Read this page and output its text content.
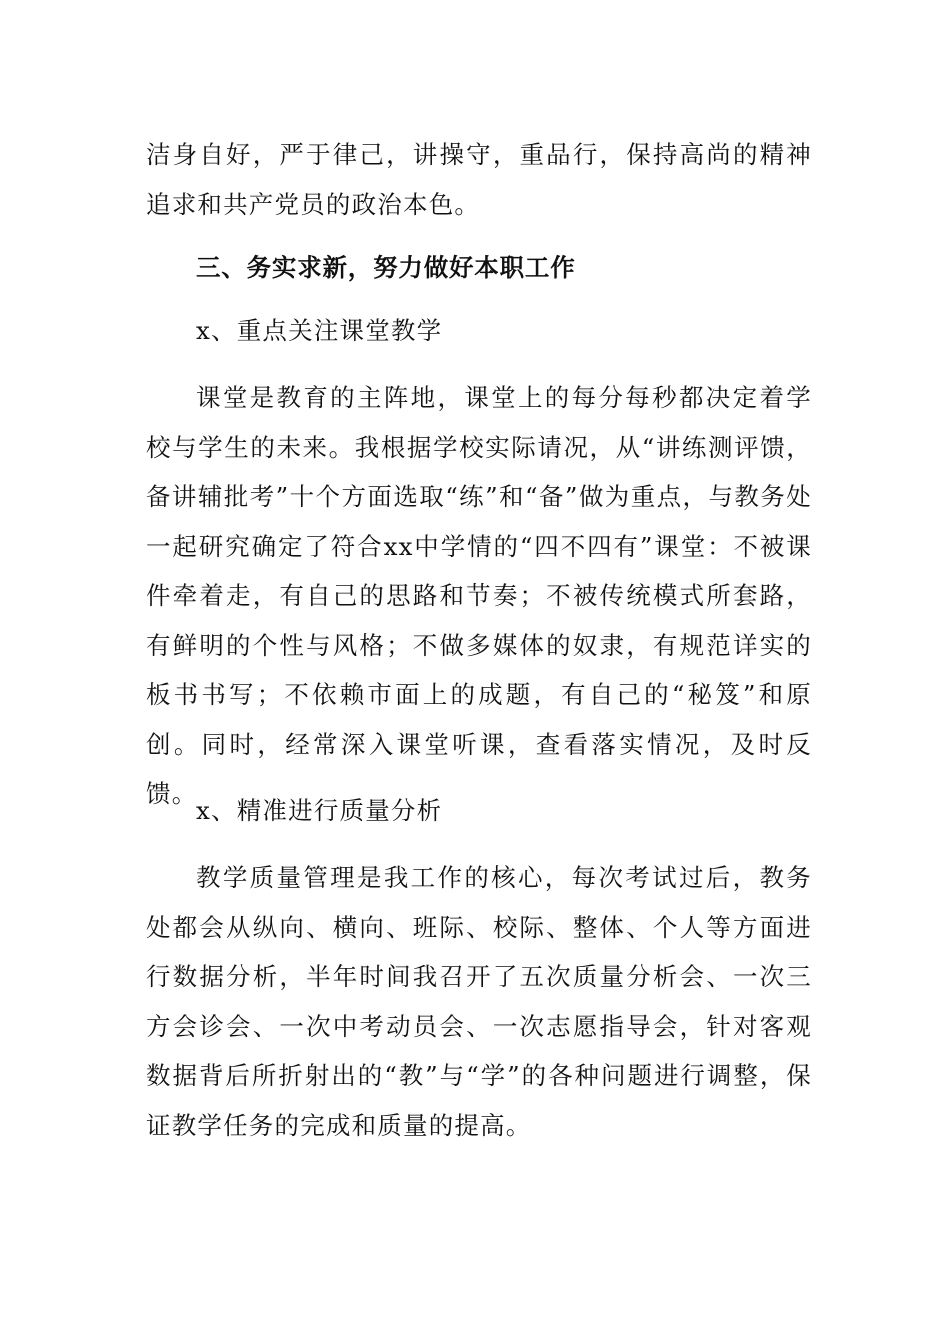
洁身自好，严于律己，讲操守，重品行，保持高尚的精神追求和共产党员的政治本色。

三、务实求新，努力做好本职工作

x、重点关注课堂教学

课堂是教育的主阵地，课堂上的每分每秒都决定着学校与学生的未来。我根据学校实际请况，从“讲练测评馈，备讲辅批考”十个方面选取“练”和“备”做为重点，与教务处一起研究确定了符合xx中学情的“四不四有”课堂：不被课件牵着走，有自己的思路和节奏；不被传统模式所套路，有鲜明的个性与风格；不做多媒体的奴隶，有规范详实的板书书写；不依赖市面上的成题，有自己的“秘笈”和原创。同时，经常深入课堂听课，查看落实情况，及时反馈。

x、精准进行质量分析

教学质量管理是我工作的核心，每次考试过后，教务处都会从纵向、横向、班际、校际、整体、个人等方面进行数据分析，半年时间我召开了五次质量分析会、一次三方会诊会、一次中考动员会、一次志愿指导会，针对客观数据背后所折射出的“教”与“学”的各种问题进行调整，保证教学任务的完成和质量的提高。
